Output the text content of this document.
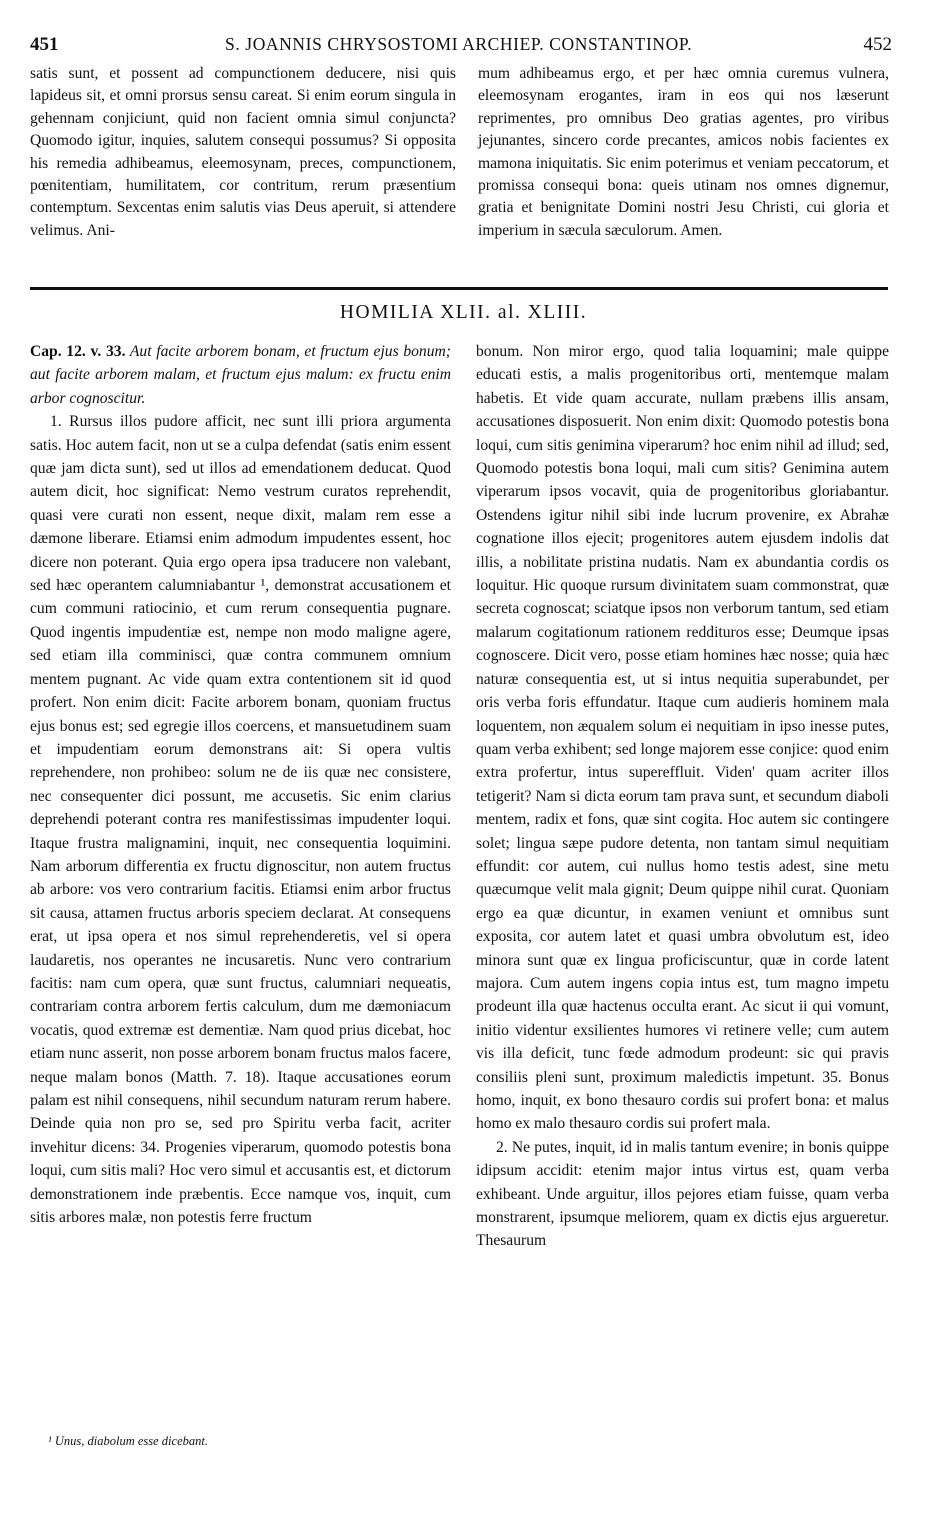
451	S. JOANNIS CHRYSOSTOMI ARCHIEP. CONSTANTINOP.	452

satis sunt, et possent ad compunctionem deducere, nisi quis lapideus sit, et omni prorsus sensu careat. Si enim eorum singula in gehennam conjiciunt, quid non facient omnia simul conjuncta? Quomodo igitur, inquies, salutem consequi possumus? Si opposita his remedia adhibeamus, eleemosynam, preces, compunctionem, pœnitentiam, humilitatem, cor contritum, rerum præsentium contemptum. Sexcentas enim salutis vias Deus aperuit, si attendere velimus. Ani-

mum adhibeamus ergo, et per hæc omnia curemus vulnera, eleemosynam erogantes, iram in eos qui nos læserunt reprimentes, pro omnibus Deo gratias agentes, pro viribus jejunantes, sincero corde precantes, amicos nobis facientes ex mamona iniquitatis. Sic enim poterimus et veniam peccatorum, et promissa consequi bona: queis utinam nos omnes dignemur, gratia et benignitate Domini nostri Jesu Christi, cui gloria et imperium in sæcula sæculorum. Amen.

HOMILIA XLII. al. XLIII.

Cap. 12. v. 33. Aut facite arborem bonam, et fructum ejus bonum; aut facite arborem malam, et fructum ejus malum: ex fructu enim arbor cognoscitur.

1. Rursus illos pudore afficit, nec sunt illi priora argumenta satis. Hoc autem facit, non ut se a culpa defendat (satis enim essent quæ jam dicta sunt), sed ut illos ad emendationem deducat. Quod autem dicit, hoc significat: Nemo vestrum curatos reprehendit, quasi vere curati non essent, neque dixit, malam rem esse a dæmone liberare. Etiamsi enim admodum impudentes essent, hoc dicere non poterant. Quia ergo opera ipsa traducere non valebant, sed hæc operantem calumniabantur ¹, demonstrat accusationem et cum communi ratiocinio, et cum rerum consequentia pugnare. Quod ingentis impudentiæ est, nempe non modo maligne agere, sed etiam illa comminisci, quæ contra communem omnium mentem pugnant. Ac vide quam extra contentionem sit id quod profert. Non enim dicit: Facite arborem bonam, quoniam fructus ejus bonus est; sed egregie illos coercens, et mansuetudinem suam et impudentiam eorum demonstrans ait: Si opera vultis reprehendere, non prohibeo: solum ne de iis quæ nec consistere, nec consequenter dici possunt, me accusetis. Sic enim clarius deprehendi poterant contra res manifestissimas impudenter loqui. Itaque frustra malignamini, inquit, nec consequentia loquimini. Nam arborum differentia ex fructu dignoscitur, non autem fructus ab arbore: vos vero contrarium facitis. Etiamsi enim arbor fructus sit causa, attamen fructus arboris speciem declarat. At consequens erat, ut ipsa opera et nos simul reprehenderetis, vel si opera laudaretis, nos operantes ne incusaretis. Nunc vero contrarium facitis: nam cum opera, quæ sunt fructus, calumniari nequeatis, contrariam contra arborem fertis calculum, dum me dæmoniacum vocatis, quod extremæ est dementiæ. Nam quod prius dicebat, hoc etiam nunc asserit, non posse arborem bonam fructus malos facere, neque malam bonos (Matth. 7. 18). Itaque accusationes eorum palam est nihil consequens, nihil secundum naturam rerum habere. Deinde quia non pro se, sed pro Spiritu verba facit, acriter invehitur dicens: 34. Progenies viperarum, quomodo potestis bona loqui, cum sitis mali? Hoc vero simul et accusantis est, et dictorum demonstrationem inde præbentis. Ecce namque vos, inquit, cum sitis arbores malæ, non potestis ferre fructum

bonum. Non miror ergo, quod talia loquamini; male quippe educati estis, a malis progenitoribus orti, mentemque malam habetis. Et vide quam accurate, nullam præbens illis ansam, accusationes disposuerit. Non enim dixit: Quomodo potestis bona loqui, cum sitis genimina viperarum? hoc enim nihil ad illud; sed, Quomodo potestis bona loqui, mali cum sitis? Genimina autem viperarum ipsos vocavit, quia de progenitoribus gloriabantur. Ostendens igitur nihil sibi inde lucrum provenire, ex Abrahæ cognatione illos ejecit; progenitores autem ejusdem indolis dat illis, a nobilitate pristina nudatis. Nam ex abundantia cordis os loquitur. Hic quoque rursum divinitatem suam commonstrat, quæ secreta cognoscat; sciatque ipsos non verborum tantum, sed etiam malarum cogitationum rationem reddituros esse; Deumque ipsas cognoscere. Dicit vero, posse etiam homines hæc nosse; quia hæc naturæ consequentia est, ut si intus nequitia superabundet, per oris verba foris effundatur. Itaque cum audieris hominem mala loquentem, non æqualem solum ei nequitiam in ipso inesse putes, quam verba exhibent; sed longe majorem esse conjice: quod enim extra profertur, intus supereffluit. Viden' quam acriter illos tetigerit? Nam si dicta eorum tam prava sunt, et secundum diaboli mentem, radix et fons, quæ sint cogita. Hoc autem sic contingere solet; lingua sæpe pudore detenta, non tantam simul nequitiam effundit: cor autem, cui nullus homo testis adest, sine metu quæcumque velit mala gignit; Deum quippe nihil curat. Quoniam ergo ea quæ dicuntur, in examen veniunt et omnibus sunt exposita, cor autem latet et quasi umbra obvolutum est, ideo minora sunt quæ ex lingua proficiscuntur, quæ in corde latent majora. Cum autem ingens copia intus est, tum magno impetu prodeunt illa quæ hactenus occulta erant. Ac sicut ii qui vomunt, initio videntur exsilientes humores vi retinere velle; cum autem vis illa deficit, tunc fœde admodum prodeunt: sic qui pravis consiliis pleni sunt, proximum maledictis impetunt. 35. Bonus homo, inquit, ex bono thesauro cordis sui profert bona: et malus homo ex malo thesauro cordis sui profert mala.

2. Ne putes, inquit, id in malis tantum evenire; in bonis quippe idipsum accidit: etenim major intus virtus est, quam verba exhibeant. Unde arguitur, illos pejores etiam fuisse, quam verba monstrarent, ipsumque meliorem, quam ex dictis ejus argueretur. Thesaurum

¹ Unus, diabolum esse dicebant.
